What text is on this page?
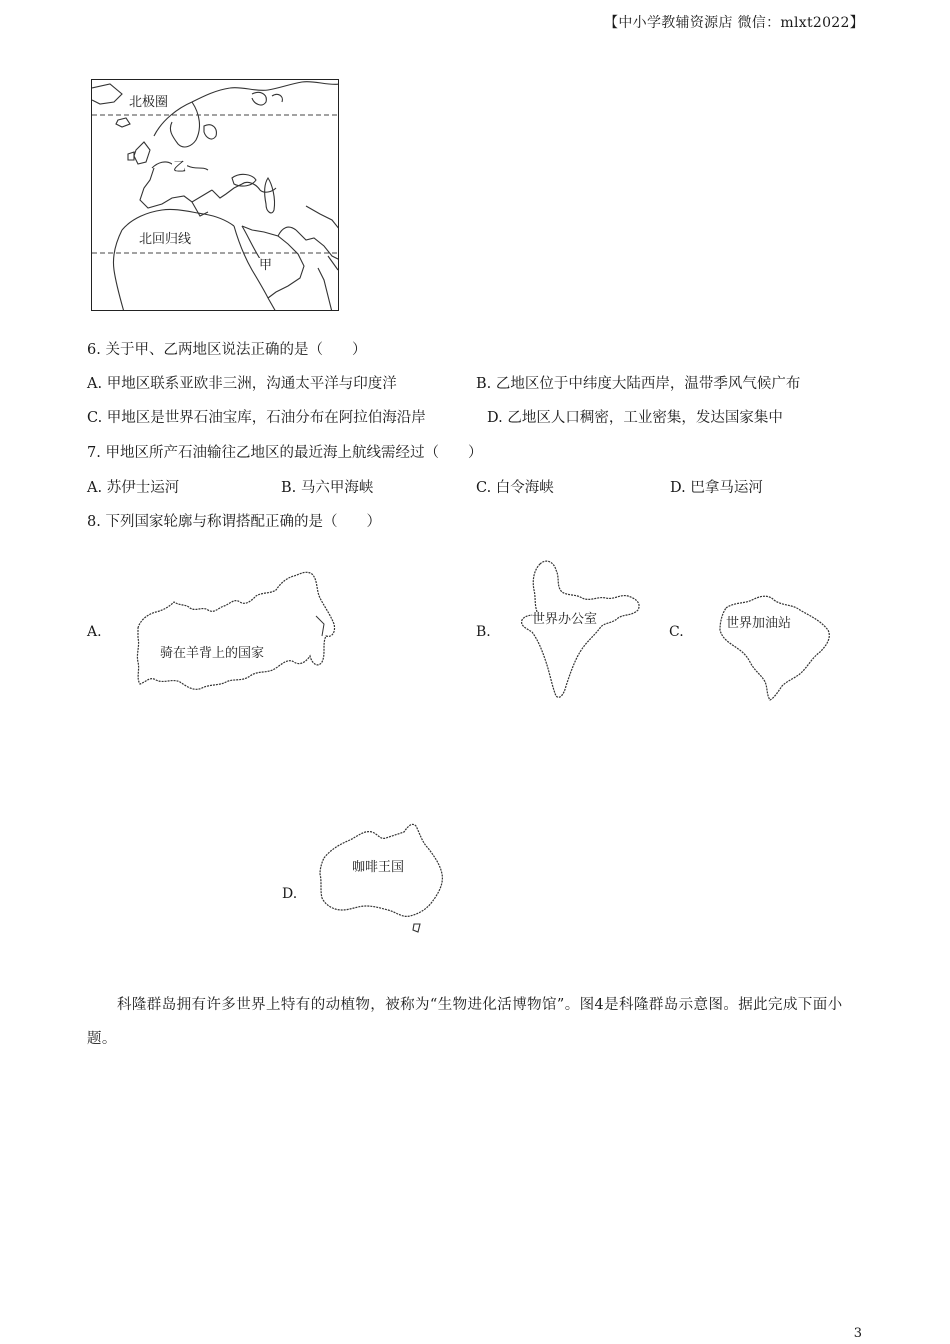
【中小学教辅资源店 微信：mlxt2022】
北极圈
北回归线
乙
甲
6. 关于甲、乙两地区说法正确的是（　　）
A. 甲地区联系亚欧非三洲，沟通太平洋与印度洋	B. 乙地区位于中纬度大陆西岸，温带季风气候广布
C. 甲地区是世界石油宝库，石油分布在阿拉伯海沿岸	D. 乙地区人口稠密，工业密集，发达国家集中
7. 甲地区所产石油输往乙地区的最近海上航线需经过（　　）
A. 苏伊士运河	B. 马六甲海峡	C. 白令海峡	D. 巴拿马运河
8. 下列国家轮廓与称谓搭配正确的是（　　）
A.
骑在羊背上的国家
B.
世界办公室
C.
世界加油站
D.
咖啡王国
科隆群岛拥有许多世界上特有的动植物，被称为“生物进化活博物馆”。图4是科隆群岛示意图。据此完成下面小题。
3
